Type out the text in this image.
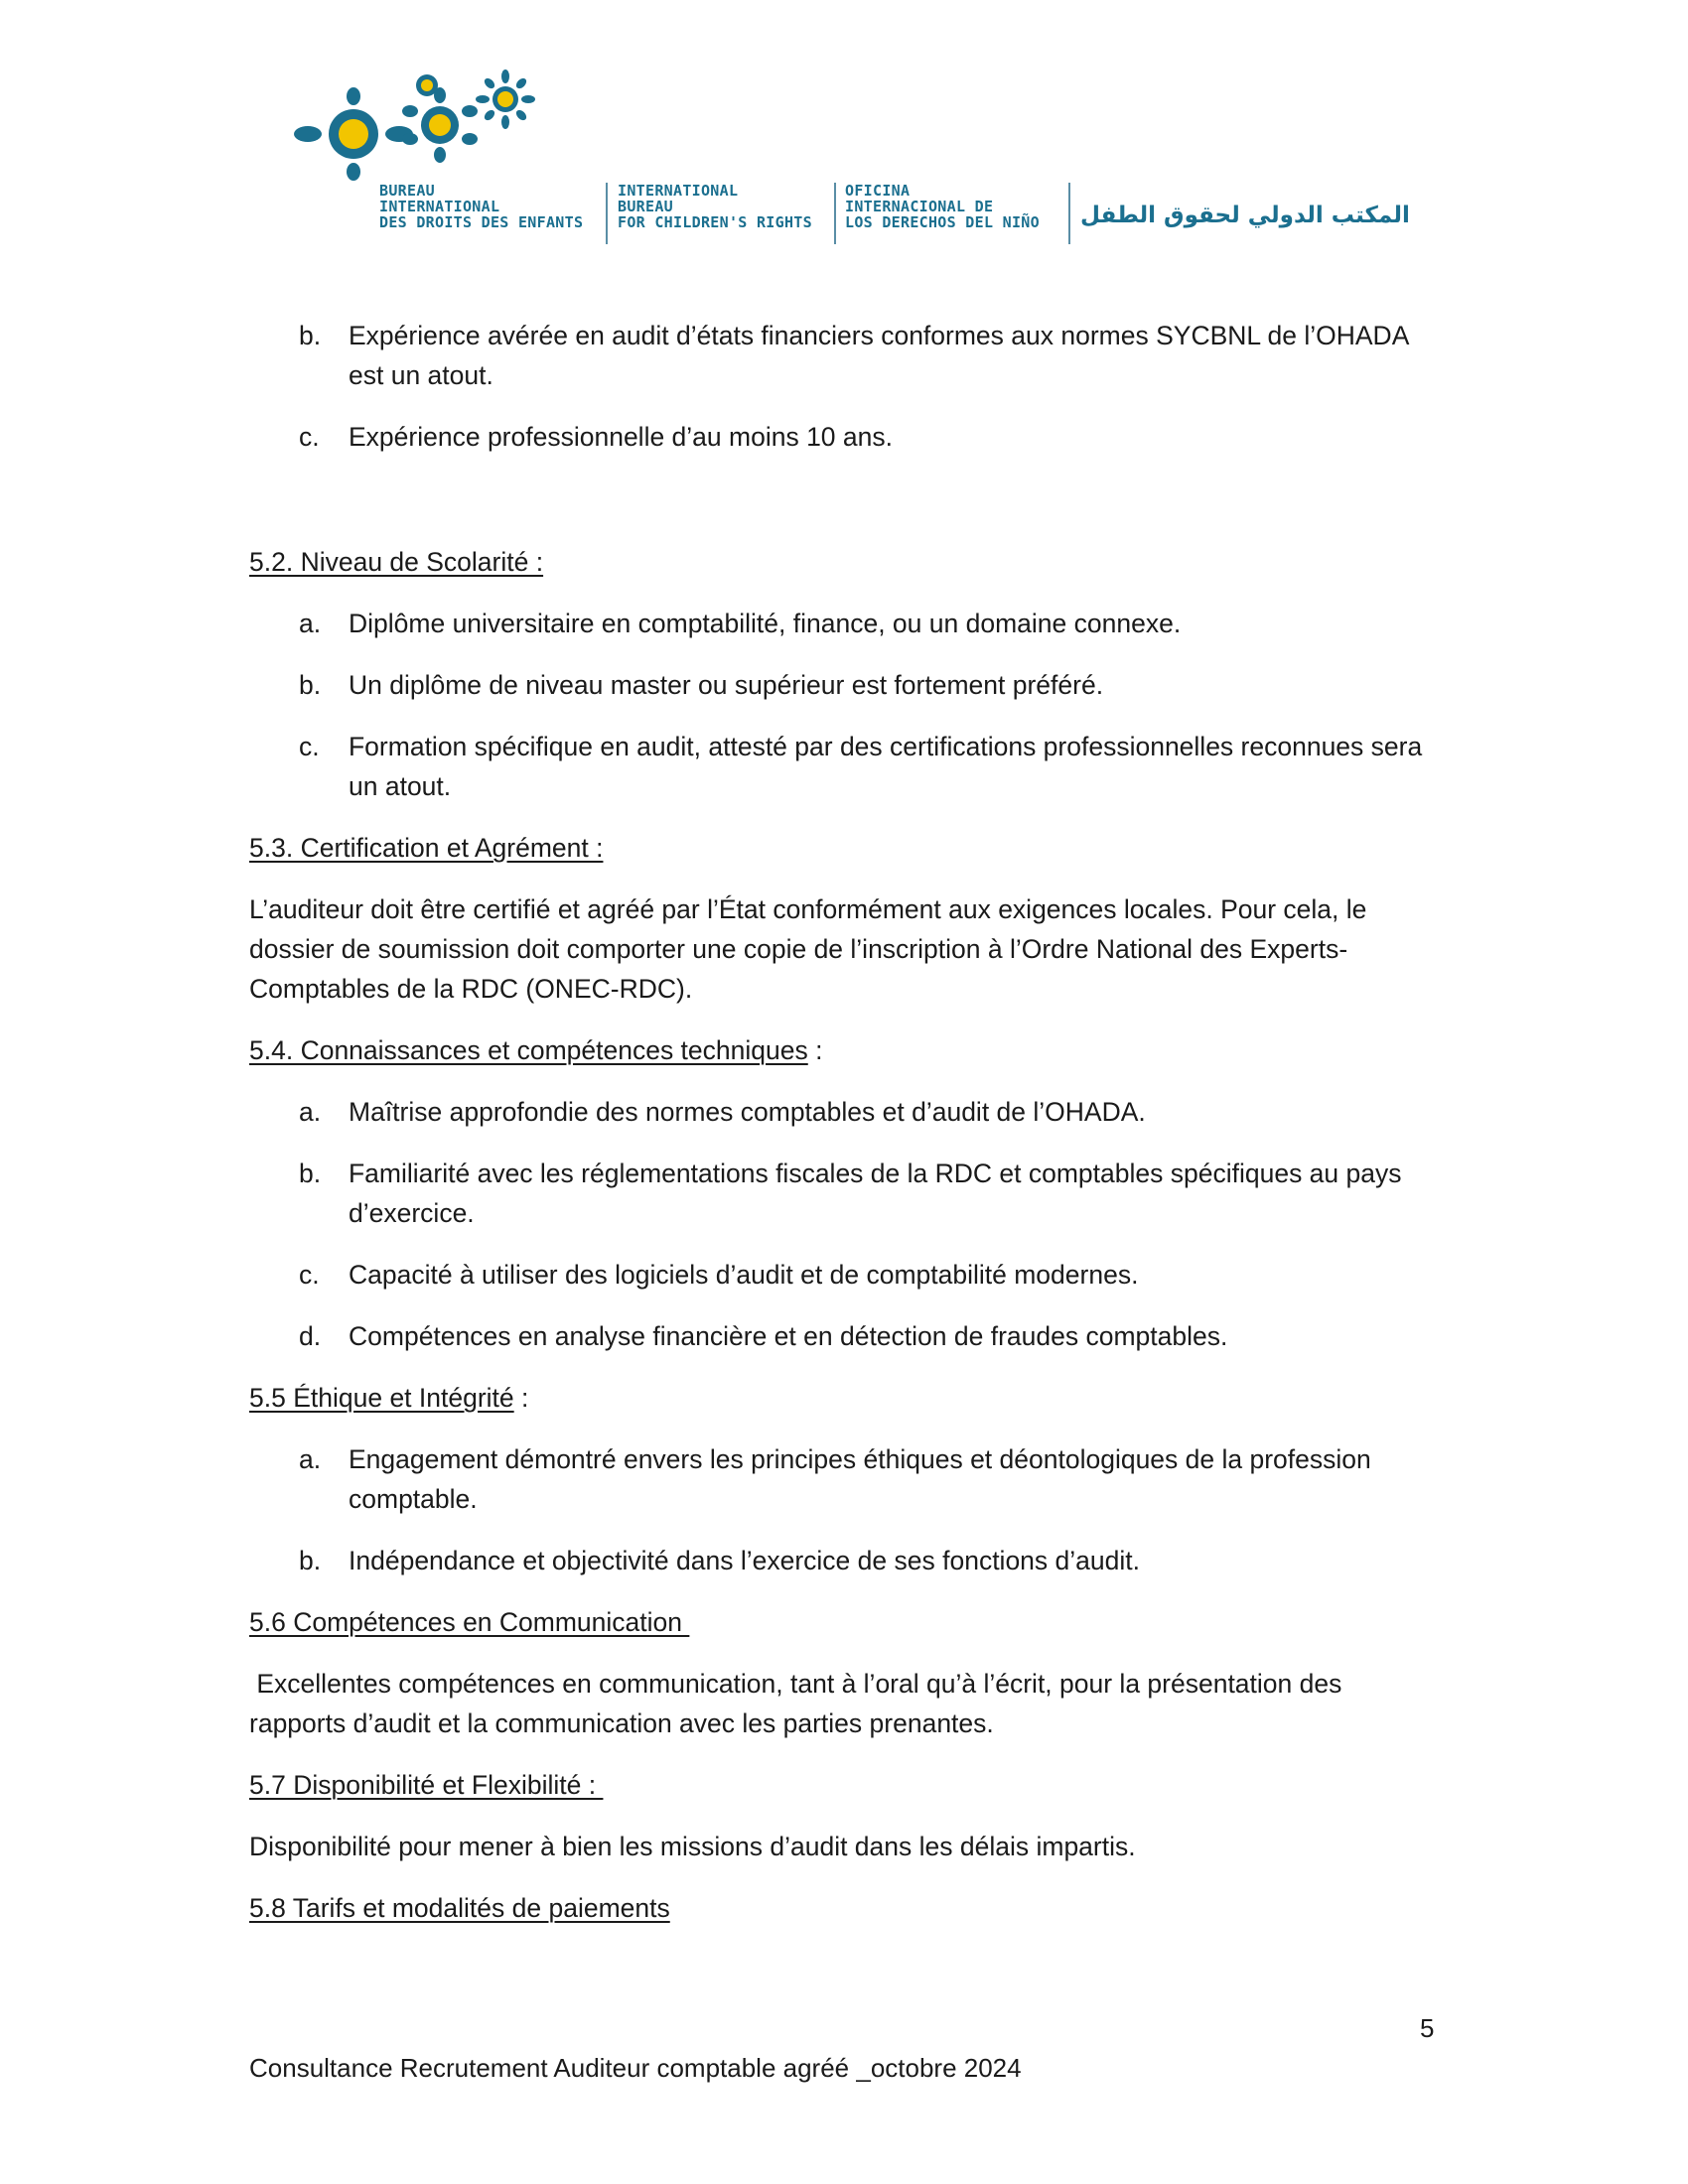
BUREAU
INTERNATIONAL
DES DROITS DES ENFANTS
INTERNATIONAL
BUREAU
FOR CHILDREN'S RIGHTS
OFICINA
INTERNACIONAL DE
LOS DERECHOS DEL NIÑO المكتب الدولي لحقوق الطفل
b. Expérience avérée en audit d’états financiers conformes aux normes SYCBNL de l’OHADA est un atout.
c. Expérience professionnelle d’au moins 10 ans.
5.2. Niveau de Scolarité :
a. Diplôme universitaire en comptabilité, finance, ou un domaine connexe.
b. Un diplôme de niveau master ou supérieur est fortement préféré.
c. Formation spécifique en audit, attesté par des certifications professionnelles reconnues sera un atout.
5.3. Certification et Agrément :
L’auditeur doit être certifié et agréé par l’État conformément aux exigences locales. Pour cela, le dossier de soumission doit comporter une copie de l’inscription à l’Ordre National des Experts-Comptables de la RDC (ONEC-RDC).
5.4. Connaissances et compétences techniques :
a. Maîtrise approfondie des normes comptables et d’audit de l’OHADA.
b. Familiarité avec les réglementations fiscales de la RDC et comptables spécifiques au pays d’exercice.
c. Capacité à utiliser des logiciels d’audit et de comptabilité modernes.
d. Compétences en analyse financière et en détection de fraudes comptables.
5.5 Éthique et Intégrité :
a. Engagement démontré envers les principes éthiques et déontologiques de la profession comptable.
b. Indépendance et objectivité dans l’exercice de ses fonctions d’audit.
5.6 Compétences en Communication
Excellentes compétences en communication, tant à l’oral qu’à l’écrit, pour la présentation des rapports d’audit et la communication avec les parties prenantes.
5.7 Disponibilité et Flexibilité :
Disponibilité pour mener à bien les missions d’audit dans les délais impartis.
5.8 Tarifs et modalités de paiements
5
Consultance Recrutement Auditeur comptable agréé _octobre 2024
